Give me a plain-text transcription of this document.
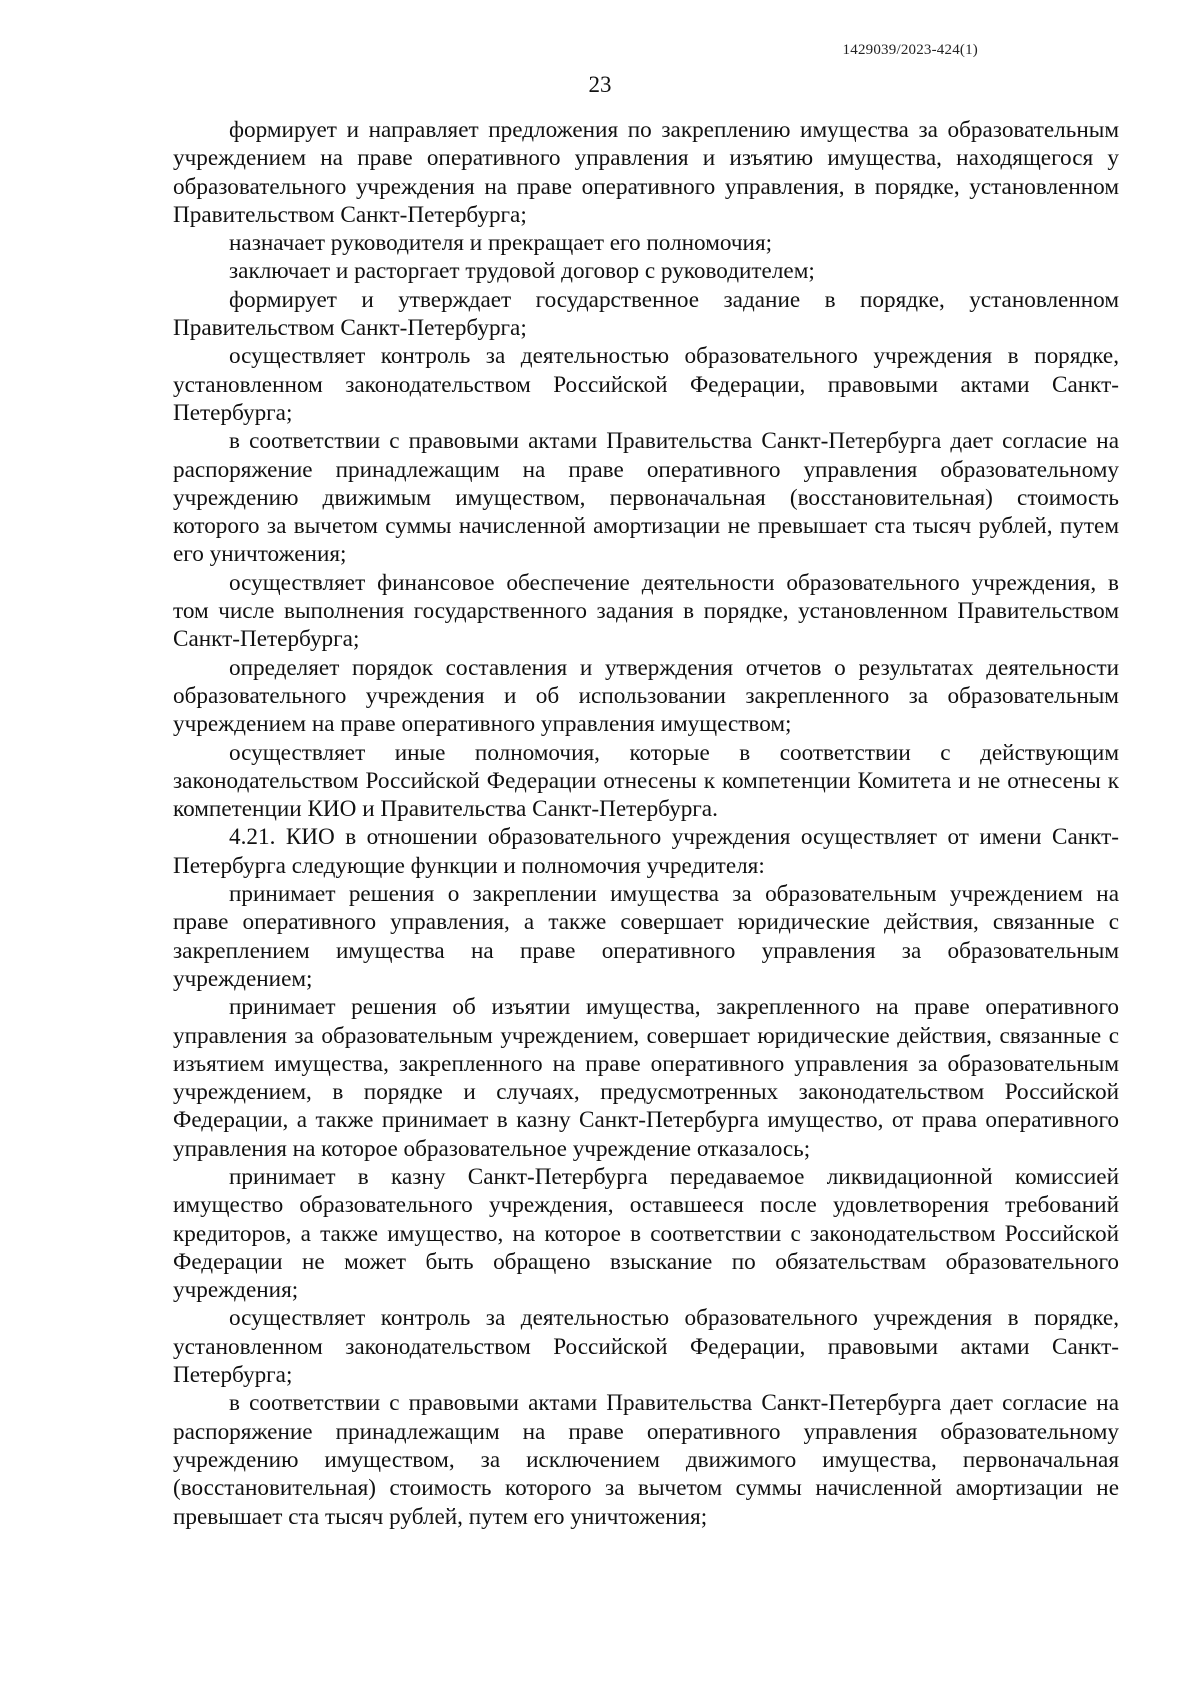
1429039/2023-424(1)
23

формирует и направляет предложения по закреплению имущества за образовательным учреждением на праве оперативного управления и изъятию имущества, находящегося у образовательного учреждения на праве оперативного управления, в порядке, установленном Правительством Санкт-Петербурга;

назначает руководителя и прекращает его полномочия;

заключает и расторгает трудовой договор с руководителем;

формирует и утверждает государственное задание в порядке, установленном Правительством Санкт-Петербурга;

осуществляет контроль за деятельностью образовательного учреждения в порядке, установленном законодательством Российской Федерации, правовыми актами Санкт-Петербурга;

в соответствии с правовыми актами Правительства Санкт-Петербурга дает согласие на распоряжение принадлежащим на праве оперативного управления образовательному учреждению движимым имуществом, первоначальная (восстановительная) стоимость которого за вычетом суммы начисленной амортизации не превышает ста тысяч рублей, путем его уничтожения;

осуществляет финансовое обеспечение деятельности образовательного учреждения, в том числе выполнения государственного задания в порядке, установленном Правительством Санкт-Петербурга;

определяет порядок составления и утверждения отчетов о результатах деятельности образовательного учреждения и об использовании закрепленного за образовательным учреждением на праве оперативного управления имуществом;

осуществляет иные полномочия, которые в соответствии с действующим законодательством Российской Федерации отнесены к компетенции Комитета и не отнесены к компетенции КИО и Правительства Санкт-Петербурга.

4.21. КИО в отношении образовательного учреждения осуществляет от имени Санкт-Петербурга следующие функции и полномочия учредителя:

принимает решения о закреплении имущества за образовательным учреждением на праве оперативного управления, а также совершает юридические действия, связанные с закреплением имущества на праве оперативного управления за образовательным учреждением;

принимает решения об изъятии имущества, закрепленного на праве оперативного управления за образовательным учреждением, совершает юридические действия, связанные с изъятием имущества, закрепленного на праве оперативного управления за образовательным учреждением, в порядке и случаях, предусмотренных законодательством Российской Федерации, а также принимает в казну Санкт-Петербурга имущество, от права оперативного управления на которое образовательное учреждение отказалось;

принимает в казну Санкт-Петербурга передаваемое ликвидационной комиссией имущество образовательного учреждения, оставшееся после удовлетворения требований кредиторов, а также имущество, на которое в соответствии с законодательством Российской Федерации не может быть обращено взыскание по обязательствам образовательного учреждения;

осуществляет контроль за деятельностью образовательного учреждения в порядке, установленном законодательством Российской Федерации, правовыми актами Санкт-Петербурга;

в соответствии с правовыми актами Правительства Санкт-Петербурга дает согласие на распоряжение принадлежащим на праве оперативного управления образовательному учреждению имуществом, за исключением движимого имущества, первоначальная (восстановительная) стоимость которого за вычетом суммы начисленной амортизации не превышает ста тысяч рублей, путем его уничтожения;
